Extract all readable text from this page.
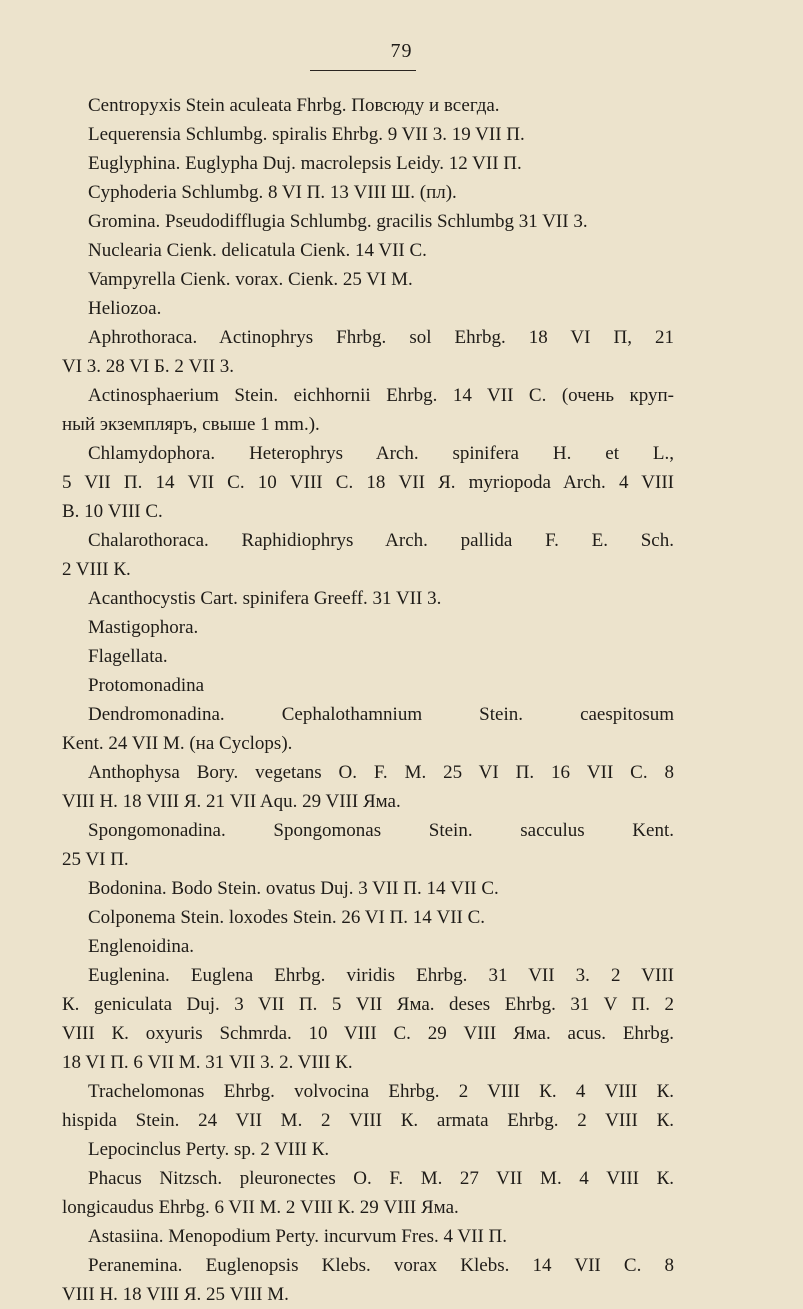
79
Centropyxis Stein aculeata Fhrbg. Повсюду и всегда.
Lequerensia Schlumbg. spiralis Ehrbg. 9 VII 3. 19 VII П.
Euglyphina. Euglypha Duj. macrolepsis Leidy. 12 VII П.
Cyphoderia Schlumbg. 8 VI П. 13 VIII Ш. (пл).
Grominа. Pseudodifflugia Schlumbg. gracilis Schlumbg 31 VII 3.
Nuclearia Cienk. delicatula Cienk. 14 VII С.
Vampyrella Cienk. vorax. Cienk. 25 VI М.
Heliozoa.
Aphrothoraca. Actinophrys Fhrbg. sol Ehrbg. 18 VI П, 21
VI 3. 28 VI Б. 2 VII 3.
Actinosphaerium Stein. eichhornii Ehrbg. 14 VII С. (очень круп-
ный экземпляръ, свыше 1 mm.).
Chlamydophora. Heterophrys Arch. spinifera H. et L.,
5 VII П. 14 VII С. 10 VIII С. 18 VII Я. myriopoda Arch. 4 VIII
В. 10 VIII С.
Chalarothoraca. Raphidiophrys Arch. pallida F. E. Sch.
2 VIII К.
Acanthocystis Cart. spinifera Greeff. 31 VII 3.
Mastigophora.
Flagellata.
Protomonadina
Dendromonadina. Cephalothamnium Stein. caespitosum
Kent. 24 VII М. (на Cyclops).
Anthophysa Bory. vegetans O. F. M. 25 VI П. 16 VII С. 8
VIII Н. 18 VIII Я. 21 VII Aqu. 29 VIII Яма.
Spongomonadina. Spongomonas Stein. sacculus Kent.
25 VI П.
Bodonina. Bodo Stein. ovatus Duj. 3 VII П. 14 VII С.
Colponema Stein. loxodes Stein. 26 VI П. 14 VII С.
Englenoidina.
Euglenina. Euglena Ehrbg. viridis Ehrbg. 31 VII 3. 2 VIII
К. geniculata Duj. 3 VII П. 5 VII Яма. deses Ehrbg. 31 V П. 2
VIII К. oxyuris Schmrda. 10 VIII С. 29 VIII Яма. acus. Ehrbg.
18 VI П. 6 VII М. 31 VII 3. 2. VIII К.
Trachelomonas Ehrbg. volvocina Ehrbg. 2 VIII К. 4 VIII К.
hispida Stein. 24 VII М. 2 VIII К. armata Ehrbg. 2 VIII К.
Lepocinclus Perty. sp. 2 VIII К.
Phacus Nitzsch. pleuronectes O. F. M. 27 VII М. 4 VIII К.
longicaudus Ehrbg. 6 VII М. 2 VIII К. 29 VIII Яма.
Astasiina. Menopodium Perty. incurvum Fres. 4 VII П.
Peranemina. Euglenopsis Klebs. vorax Klebs. 14 VII С. 8
VIII Н. 18 VIII Я. 25 VIII М.
